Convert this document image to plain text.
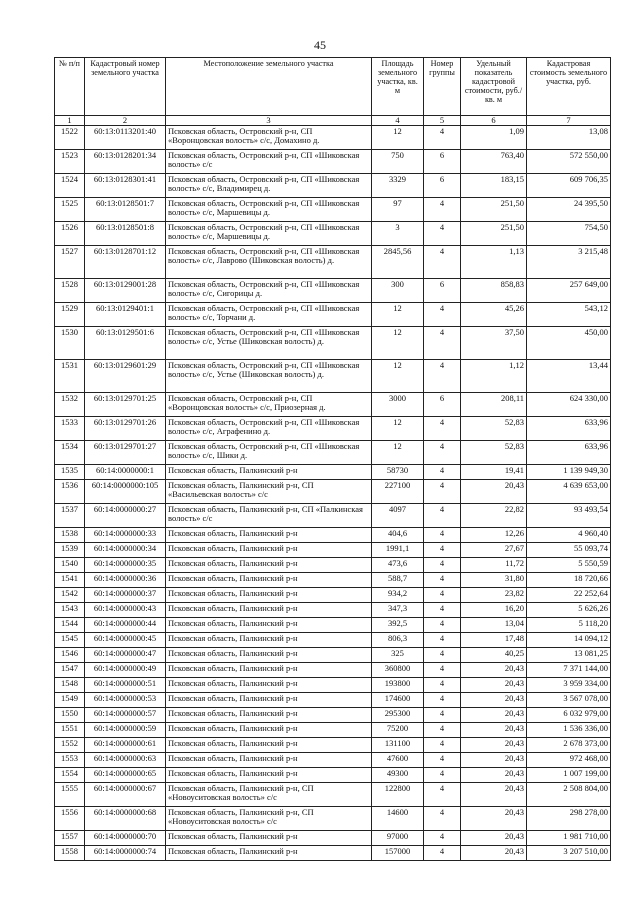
45
№ п/п	Кадастровый номер земельного участка	Местоположение земельного участка	Площадь земельного участка, кв. м	Номер группы	Удельный показатель кадастровой стоимости, руб./кв. м	Кадастровая стоимость земельного участка, руб.
1	2	3	4	5	6	7
1522	60:13:0113201:40	Псковская область, Островский р-н, СП «Воронцовская волость» с/с, Домахино д.	12	4	1,09	13,08
1523	60:13:0128201:34	Псковская область, Островский р-н, СП «Шиковская волость» с/с	750	6	763,40	572 550,00
1524	60:13:0128301:41	Псковская область, Островский р-н, СП «Шиковская волость» с/с, Владимирец д.	3329	6	183,15	609 706,35
1525	60:13:0128501:7	Псковская область, Островский р-н, СП «Шиковская волость» с/с, Маршевицы д.	97	4	251,50	24 395,50
1526	60:13:0128501:8	Псковская область, Островский р-н, СП «Шиковская волость» с/с, Маршевицы д.	3	4	251,50	754,50
1527	60:13:0128701:12	Псковская область, Островский р-н, СП «Шиковская волость» с/с, Лаврово (Шиковская волость) д.	2845,56	4	1,13	3 215,48
1528	60:13:0129001:28	Псковская область, Островский р-н, СП «Шиковская волость» с/с, Сигорицы д.	300	6	858,83	257 649,00
1529	60:13:0129401:1	Псковская область, Островский р-н, СП «Шиковская волость» с/с, Торчани д.	12	4	45,26	543,12
1530	60:13:0129501:6	Псковская область, Островский р-н, СП «Шиковская волость» с/с, Устье (Шиковская волость) д.	12	4	37,50	450,00
1531	60:13:0129601:29	Псковская область, Островский р-н, СП «Шиковская волость» с/с, Устье (Шиковская волость) д.	12	4	1,12	13,44
1532	60:13:0129701:25	Псковская область, Островский р-н, СП «Воронцовская волость» с/с, Приозерная д.	3000	6	208,11	624 330,00
1533	60:13:0129701:26	Псковская область, Островский р-н, СП «Шиковская волость» с/с, Аграфенино д.	12	4	52,83	633,96
1534	60:13:0129701:27	Псковская область, Островский р-н, СП «Шиковская волость» с/с, Шики д.	12	4	52,83	633,96
1535	60:14:0000000:1	Псковская область, Палкинский р-н	58730	4	19,41	1 139 949,30
1536	60:14:0000000:105	Псковская область, Палкинский р-н, СП «Васильевская волость» с/с	227100	4	20,43	4 639 653,00
1537	60:14:0000000:27	Псковская область, Палкинский р-н, СП «Палкинская волость» с/с	4097	4	22,82	93 493,54
1538	60:14:0000000:33	Псковская область, Палкинский р-н	404,6	4	12,26	4 960,40
1539	60:14:0000000:34	Псковская область, Палкинский р-н	1991,1	4	27,67	55 093,74
1540	60:14:0000000:35	Псковская область, Палкинский р-н	473,6	4	11,72	5 550,59
1541	60:14:0000000:36	Псковская область, Палкинский р-н	588,7	4	31,80	18 720,66
1542	60:14:0000000:37	Псковская область, Палкинский р-н	934,2	4	23,82	22 252,64
1543	60:14:0000000:43	Псковская область, Палкинский р-н	347,3	4	16,20	5 626,26
1544	60:14:0000000:44	Псковская область, Палкинский р-н	392,5	4	13,04	5 118,20
1545	60:14:0000000:45	Псковская область, Палкинский р-н	806,3	4	17,48	14 094,12
1546	60:14:0000000:47	Псковская область, Палкинский р-н	325	4	40,25	13 081,25
1547	60:14:0000000:49	Псковская область, Палкинский р-н	360800	4	20,43	7 371 144,00
1548	60:14:0000000:51	Псковская область, Палкинский р-н	193800	4	20,43	3 959 334,00
1549	60:14:0000000:53	Псковская область, Палкинский р-н	174600	4	20,43	3 567 078,00
1550	60:14:0000000:57	Псковская область, Палкинский р-н	295300	4	20,43	6 032 979,00
1551	60:14:0000000:59	Псковская область, Палкинский р-н	75200	4	20,43	1 536 336,00
1552	60:14:0000000:61	Псковская область, Палкинский р-н	131100	4	20,43	2 678 373,00
1553	60:14:0000000:63	Псковская область, Палкинский р-н	47600	4	20,43	972 468,00
1554	60:14:0000000:65	Псковская область, Палкинский р-н	49300	4	20,43	1 007 199,00
1555	60:14:0000000:67	Псковская область, Палкинский р-н, СП «Новоуситовская волость» с/с	122800	4	20,43	2 508 804,00
1556	60:14:0000000:68	Псковская область, Палкинский р-н, СП «Новоуситовская волость» с/с	14600	4	20,43	298 278,00
1557	60:14:0000000:70	Псковская область, Палкинский р-н	97000	4	20,43	1 981 710,00
1558	60:14:0000000:74	Псковская область, Палкинский р-н	157000	4	20,43	3 207 510,00
